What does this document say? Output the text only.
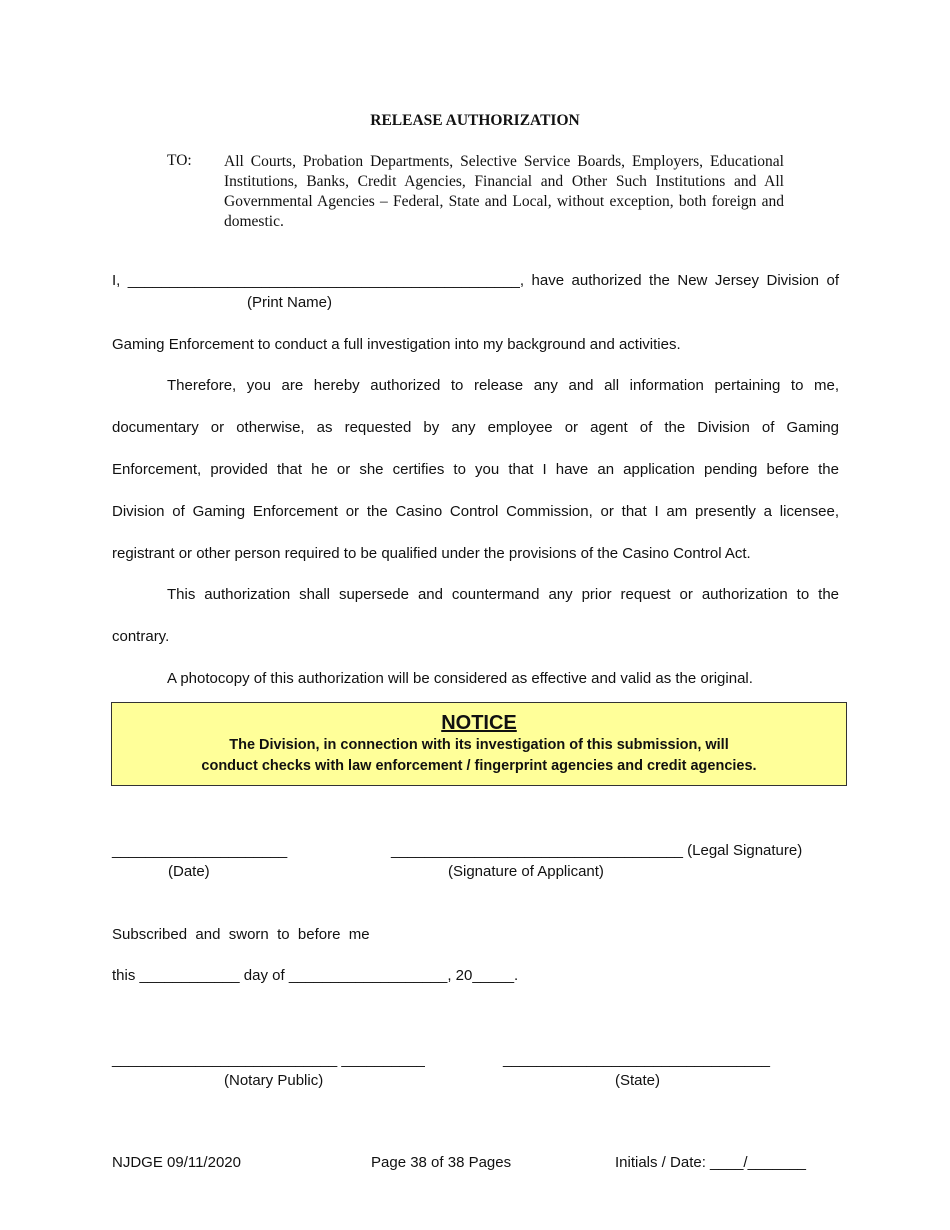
RELEASE AUTHORIZATION
TO: All Courts, Probation Departments, Selective Service Boards, Employers, Educational Institutions, Banks, Credit Agencies, Financial and Other Such Institutions and All Governmental Agencies – Federal, State and Local, without exception, both foreign and domestic.
I, _______________________________________________, have authorized the New Jersey Division of
(Print Name)
Gaming Enforcement to conduct a full investigation into my background and activities.
Therefore, you are hereby authorized to release any and all information pertaining to me,
documentary or otherwise, as requested by any employee or agent of the Division of Gaming
Enforcement, provided that he or she certifies to you that I have an application pending before the
Division of Gaming Enforcement or the Casino Control Commission, or that I am presently a licensee,
registrant or other person required to be qualified under the provisions of the Casino Control Act.
This authorization shall supersede and countermand any prior request or authorization to the
contrary.
A photocopy of this authorization will be considered as effective and valid as the original.
NOTICE
The Division, in connection with its investigation of this submission, will
conduct checks with law enforcement / fingerprint agencies and credit agencies.
_____________________
(Date)
___________________________________ (Legal Signature)
(Signature of Applicant)
Subscribed  and  sworn  to  before  me
this ____________ day of ___________________, 20_____.
___________________________ __________
(Notary Public)
________________________________
(State)
NJDGE 09/11/2020	Page 38 of 38 Pages	Initials / Date: ____/_______
